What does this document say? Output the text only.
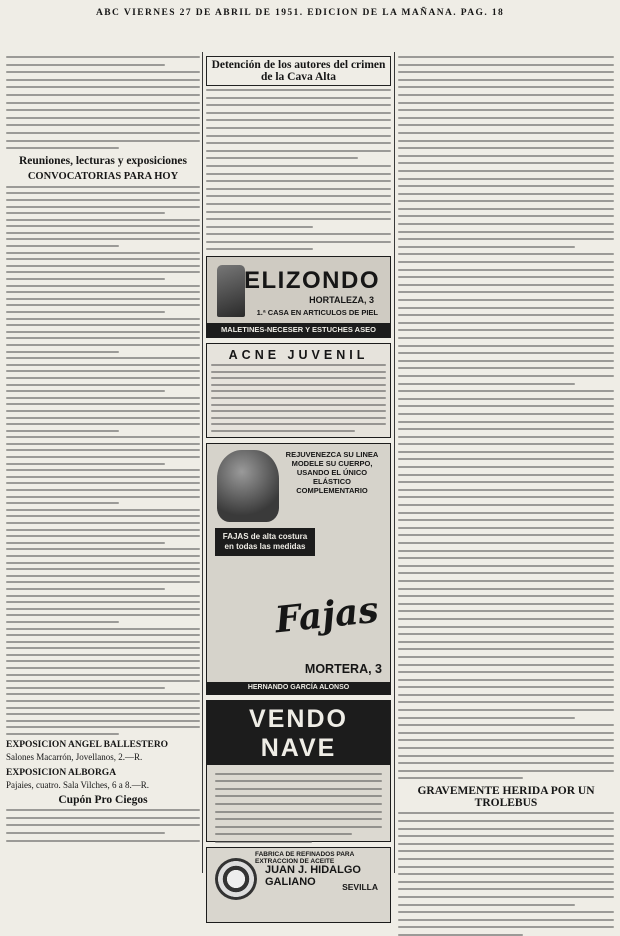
ABC VIERNES 27 DE ABRIL DE 1951. EDICION DE LA MAÑANA. PAG. 18
Reuniones, lecturas y exposiciones
CONVOCATORIAS PARA HOY
EXPOSICION ANGEL BALLESTERO
Salones Macarrón, Jovellanos, 2.—R.
EXPOSICION ALBORGA
Pajaies, cuatro. Sala Vilches, 6 a 8.—R.
Cupón Pro Ciegos
Detención de los autores del crimen de la Cava Alta
ELIZONDO
HORTALEZA, 3
1.ª CASA EN ARTICULOS DE PIEL
MALETINES-NECESER Y ESTUCHES ASEO
ACNE JUVENIL
REJUVENEZCA SU LINEA MODELE SU CUERPO, USANDO EL ÚNICO ELÁSTICO COMPLEMENTARIO
FAJAS de alta costura en todas las medidas
Fajas
MORTERA, 3
HERNANDO GARCÍA ALONSO
VENDO NAVE
FABRICA DE REFINADOS PARA EXTRACCION DE ACEITE
JUAN J. HIDALGO GALIANO	SEVILLA
GRAVEMENTE HERIDA POR UN TROLEBUS
